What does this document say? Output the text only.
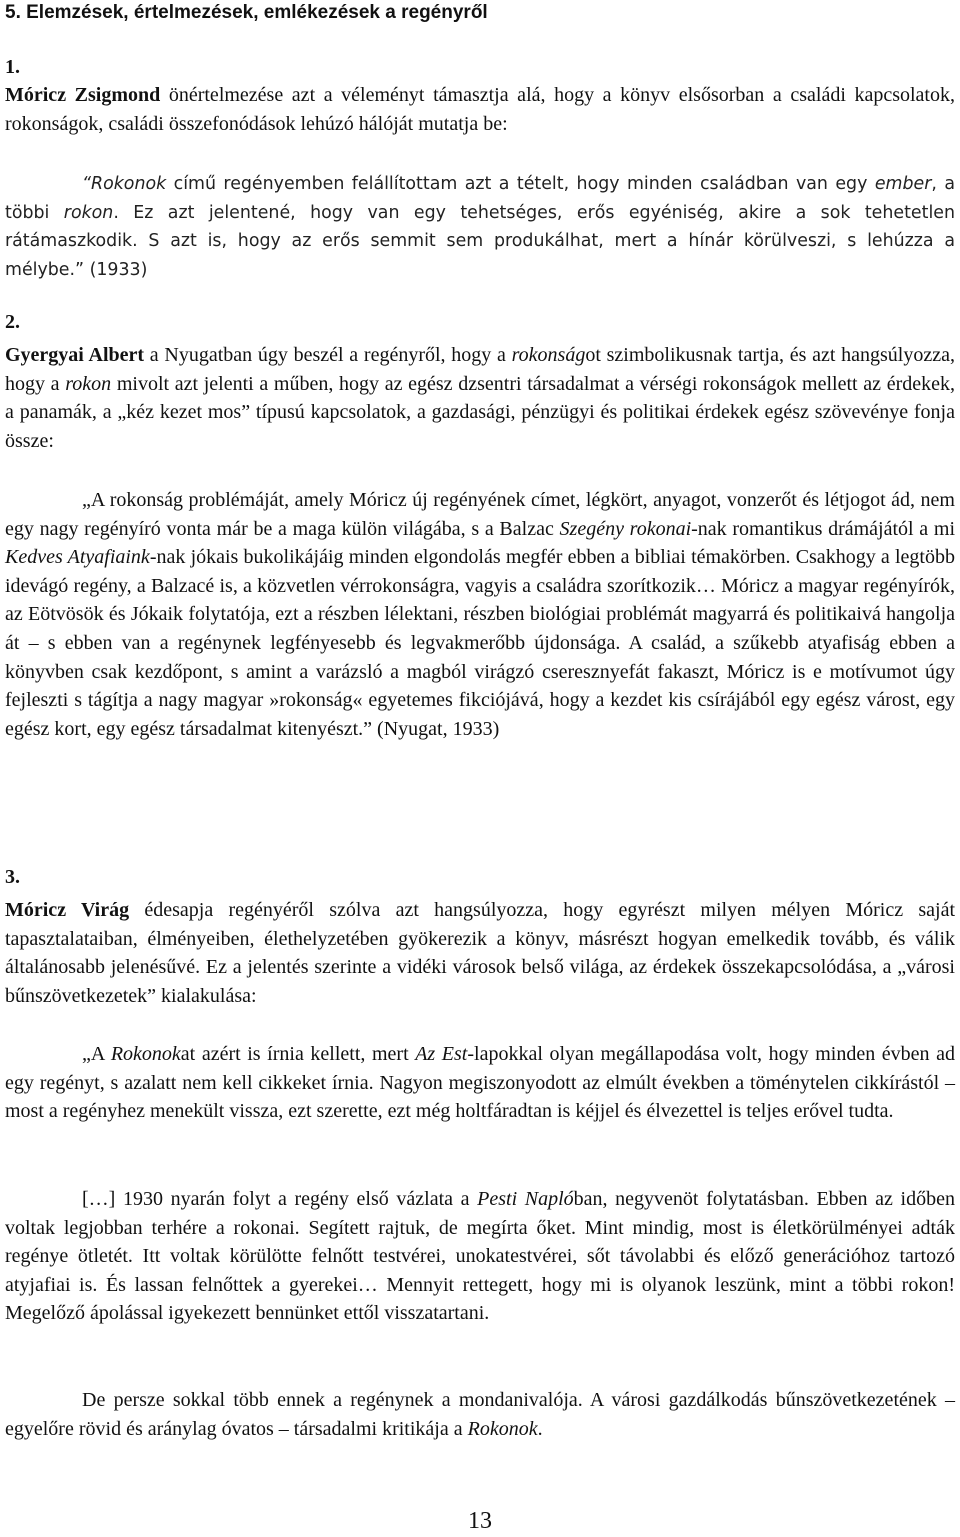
5. Elemzések, értelmezések, emlékezések a regényről
1.
Móricz Zsigmond önértelmezése azt a véleményt támasztja alá, hogy a könyv elsősorban a családi kapcsolatok, rokonságok, családi összefonódások lehúzó hálóját mutatja be:
“Rokonok című regényemben felállítottam azt a tételt, hogy minden családban van egy ember, a többi rokon. Ez azt jelentené, hogy van egy tehetséges, erős egyéniség, akire a sok tehetetlen rátámaszkodik. S azt is, hogy az erős semmit sem produkálhat, mert a hínár körülveszi, s lehúzza a mélybe.” (1933)
2.
Gyergyai Albert a Nyugatban úgy beszél a regényről, hogy a rokonságot szimbolikusnak tartja, és azt hangsúlyozza, hogy a rokon mivolt azt jelenti a műben, hogy az egész dzsentri társadalmat a vérségi rokonságok mellett az érdekek, a panamák, a „kéz kezet mos” típusú kapcsolatok, a gazdasági, pénzügyi és politikai érdekek egész szövevénye fonja össze:
„A rokonság problémáját, amely Móricz új regényének címet, légkört, anyagot, vonzerőt és létjogot ád, nem egy nagy regényíró vonta már be a maga külön világába, s a Balzac Szegény rokonai-nak romantikus drámájától a mi Kedves Atyafiaink-nak jókais bukolikájáig minden elgondolás megfér ebben a bibliai témakörben. Csakhogy a legtöbb idevágó regény, a Balzacé is, a közvetlen vérrokonságra, vagyis a családra szorítkozik… Móricz a magyar regényírók, az Eötvösök és Jókaik folytatója, ezt a részben lélektani, részben biológiai problémát magyarrá és politikaivá hangolja át – s ebben van a regénynek legfényesebb és legvakmerőbb újdonsága. A család, a szűkebb atyafiság ebben a könyvben csak kezdőpont, s amint a varázsló a magból virágzó cseresznyefát fakaszt, Móricz is e motívumot úgy fejleszti s tágítja a nagy magyar »rokonság« egyetemes fikciójává, hogy a kezdet kis csírájából egy egész várost, egy egész kort, egy egész társadalmat kitenyészt.” (Nyugat, 1933)
3.
Móricz Virág édesapja regényéről szólva azt hangsúlyozza, hogy egyrészt milyen mélyen Móricz saját tapasztalataiban, élményeiben, élethelyzetében gyökerezik a könyv, másrészt hogyan emelkedik tovább, és válik általánosabb jelenésűvé. Ez a jelentés szerinte a vidéki városok belső világa, az érdekek összekapcsolódása, a „városi bűnszövetkezetek” kialakulása:
„A Rokonokat azért is írnia kellett, mert Az Est-lapokkal olyan megállapodása volt, hogy minden évben ad egy regényt, s azalatt nem kell cikkeket írnia. Nagyon megiszonyodott az elmúlt években a töménytelen cikkírástól – most a regényhez menekült vissza, ezt szerette, ezt még holtfáradtan is kéjjel és élvezettel is teljes erővel tudta.
[…] 1930 nyarán folyt a regény első vázlata a Pesti Naplóban, negyvenöt folytatásban. Ebben az időben voltak legjobban terhére a rokonai. Segített rajtuk, de megírta őket. Mint mindig, most is életkörülményei adták regénye ötletét. Itt voltak körülötte felnőtt testvérei, unokatestvérei, sőt távolabbi és előző generációhoz tartozó atyjafiai is. És lassan felnőttek a gyerekei… Mennyit rettegett, hogy mi is olyanok leszünk, mint a többi rokon! Megelőző ápolással igyekezett bennünket ettől visszatartani.
De persze sokkal több ennek a regénynek a mondanivalója. A városi gazdálkodás bűnszövetkezetének – egyelőre rövid és aránylag óvatos – társadalmi kritikája a Rokonok.
13
